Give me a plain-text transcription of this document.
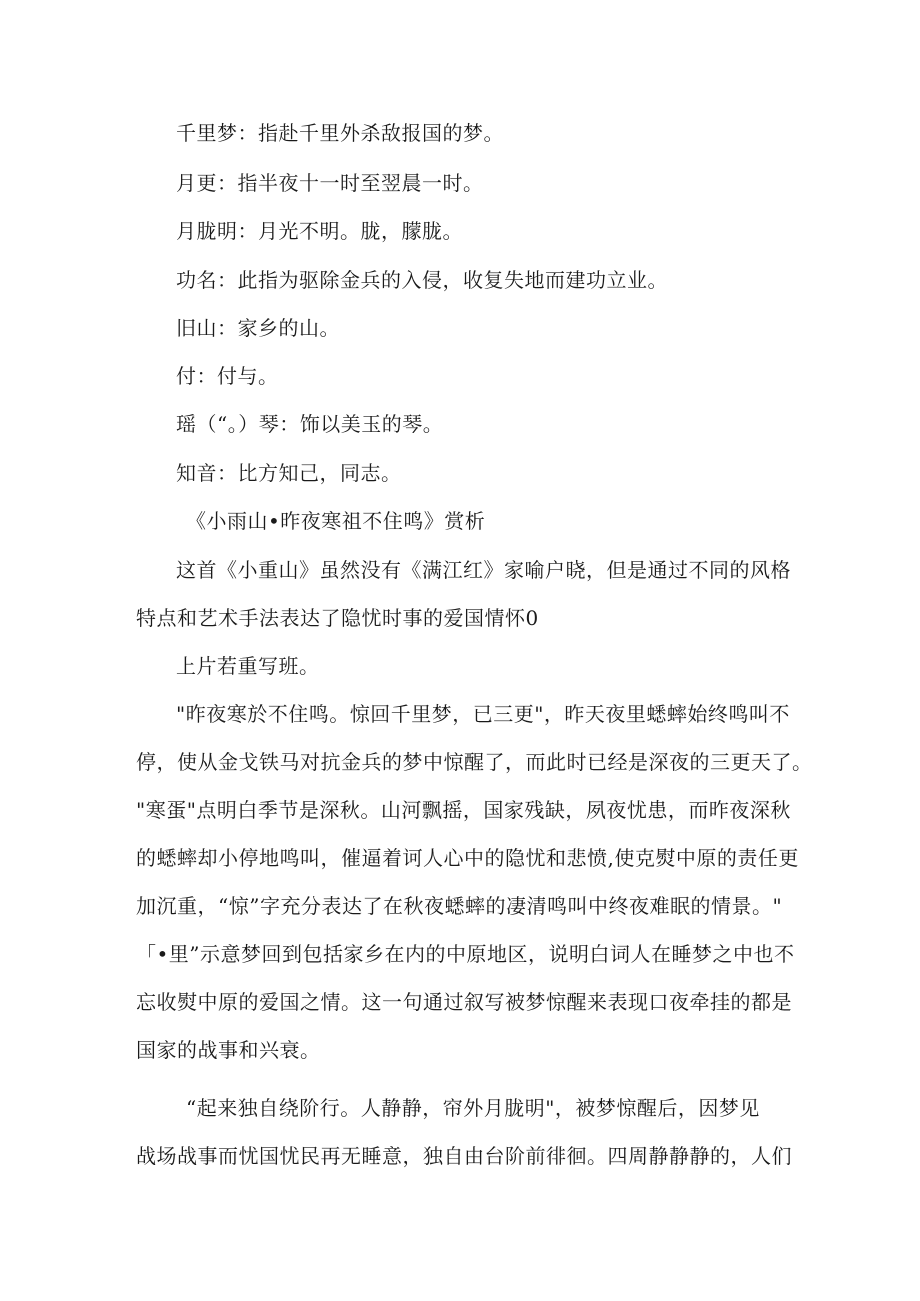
千里梦：指赴千里外杀敌报国的梦。
月更：指半夜十一时至翌晨一时。
月胧明：月光不明。胧，朦胧。
功名：此指为驱除金兵的入侵，收复失地而建功立业。
旧山：家乡的山。
付：付与。
瑶（“。）琴：饰以美玉的琴。
知音：比方知己，同志。
《小雨山•昨夜寒祖不住鸣》赏析
这首《小重山》虽然没有《满江红》家喻户晓，但是通过不同的风格
特点和艺术手法表达了隐忧时事的爱国情怀0
上片若重写班。
"昨夜寒於不住鸣。惊回千里梦，已三更"，昨天夜里蟋蟀始终鸣叫不
停，使从金戈铁马对抗金兵的梦中惊醒了，而此时已经是深夜的三更天了。
"寒蛋"点明白季节是深秋。山河飘摇，国家残缺，夙夜忧患，而昨夜深秋
的蟋蟀却小停地鸣叫，催逼着诃人心中的隐忧和悲愤,使克熨中原的责任更
加沉重，“惊”字充分表达了在秋夜蟋蟀的凄清鸣叫中终夜难眠的情景。"
「•里”示意梦回到包括家乡在内的中原地区，说明白词人在睡梦之中也不
忘收熨中原的爱国之情。这一句通过叙写被梦惊醒来表现口夜牵挂的都是
国家的战事和兴衰。
“起来独自绕阶行。人静静，帘外月胧明"，被梦惊醒后，因梦见
战场战事而忧国忧民再无睡意，独自由台阶前徘徊。四周静静静的，人们
